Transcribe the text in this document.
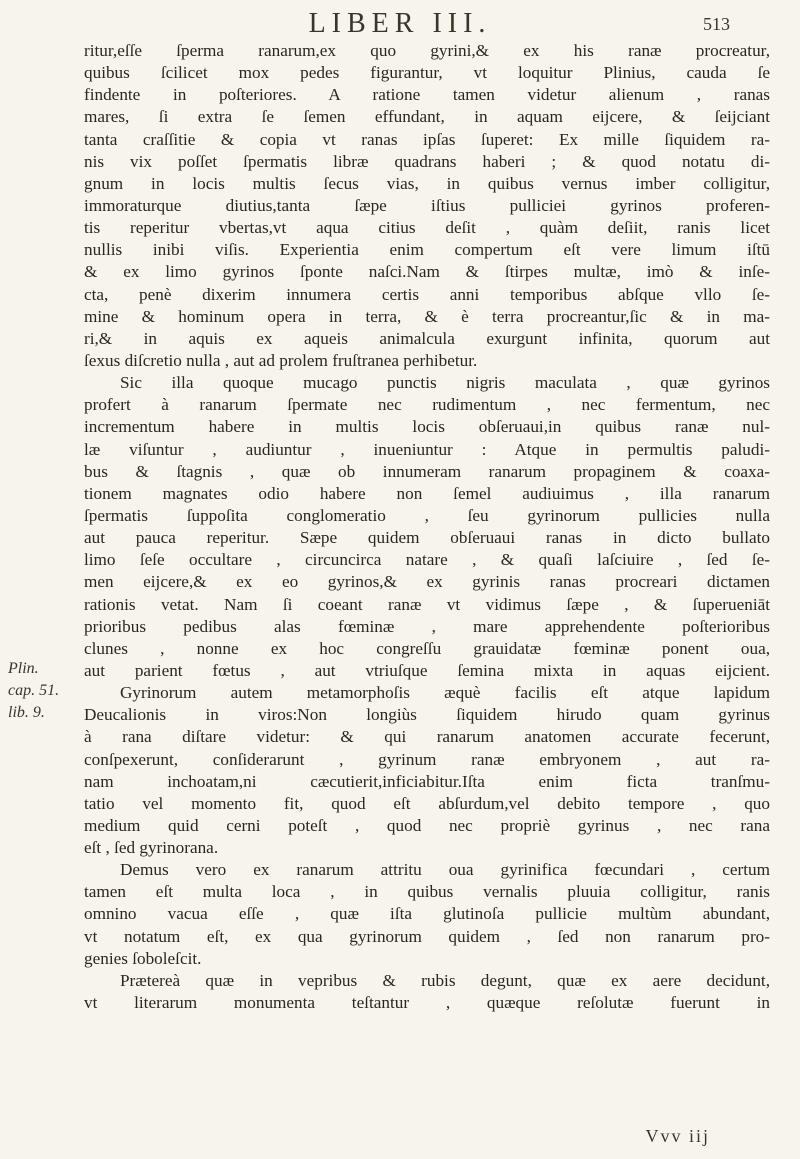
LIBER III.	513
Plin. cap. 51. lib. 9.
ritur,eſſe ſperma ranarum,ex quo gyrini,& ex his ranæ procreatur,
quibus ſcilicet mox pedes figurantur, vt loquitur Plinius, cauda ſe
findente in poſteriores. A ratione tamen videtur alienum , ranas
mares, ſi extra ſe ſemen effundant, in aquam eijcere, & ſeijciant
tanta craſſitie & copia vt ranas ipſas ſuperet: Ex mille ſiquidem ra-
nis vix poſſet ſpermatis libræ quadrans haberi ; & quod notatu di-
gnum in locis multis ſecus vias, in quibus vernus imber colligitur,
immoraturque diutius,tanta ſæpe iſtius pulliciei gyrinos proferen-
tis reperitur vbertas,vt aqua citius deſit , quàm deſiit, ranis licet
nullis inibi viſis. Experientia enim compertum eſt vere limum iſtū
& ex limo gyrinos ſponte naſci.Nam & ſtirpes multæ, imò & inſe-
cta, penè dixerim innumera certis anni temporibus abſque vllo ſe-
mine & hominum opera in terra, & è terra procreantur,ſic & in ma-
ri,& in aquis ex aqueis animalcula exurgunt infinita, quorum aut
ſexus diſcretio nulla , aut ad prolem fruſtranea perhibetur.
Sic illa quoque mucago punctis nigris maculata , quæ gyrinos
profert à ranarum ſpermate nec rudimentum , nec fermentum, nec
incrementum habere in multis locis obſeruaui,in quibus ranæ nul-
læ viſuntur , audiuntur , inueniuntur : Atque in permultis paludi-
bus & ſtagnis , quæ ob innumeram ranarum propaginem & coaxa-
tionem magnates odio habere non ſemel audiuimus , illa ranarum
ſpermatis ſuppoſita conglomeratio , ſeu gyrinorum pullicies nulla
aut pauca reperitur. Sæpe quidem obſeruaui ranas in dicto bullato
limo ſeſe occultare , circuncirca natare , & quaſi laſciuire , ſed ſe-
men eijcere,& ex eo gyrinos,& ex gyrinis ranas procreari dictamen
rationis vetat. Nam ſi coeant ranæ vt vidimus ſæpe , & ſuperueniāt
prioribus pedibus alas fœminæ , mare apprehendente poſterioribus
clunes , nonne ex hoc congreſſu grauidatæ fœminæ ponent oua,
aut parient fœtus , aut vtriuſque ſemina mixta in aquas eijcient.
Gyrinorum autem metamorphoſis æquè facilis eſt atque lapidum
Deucalionis in viros:Non longiùs ſiquidem hirudo quam gyrinus
à rana diſtare videtur: & qui ranarum anatomen accurate fecerunt,
conſpexerunt, conſiderarunt , gyrinum ranæ embryonem , aut ra-
nam inchoatam,ni cæcutierit,inficiabitur.Iſta enim ficta tranſmu-
tatio vel momento fit, quod eſt abſurdum,vel debito tempore , quo
medium quid cerni poteſt , quod nec propriè gyrinus , nec rana
eſt , ſed gyrinorana.
Demus vero ex ranarum attritu oua gyrinifica fœcundari , certum
tamen eſt multa loca , in quibus vernalis pluuia colligitur, ranis
omnino vacua eſſe , quæ iſta glutinoſa pullicie multùm abundant,
vt notatum eſt, ex qua gyrinorum quidem , ſed non ranarum pro-
genies ſoboleſcit.
Prætereà quæ in vepribus & rubis degunt, quæ ex aere decidunt,
vt literarum monumenta teſtantur , quæque reſolutæ fuerunt in
Vvv iij
